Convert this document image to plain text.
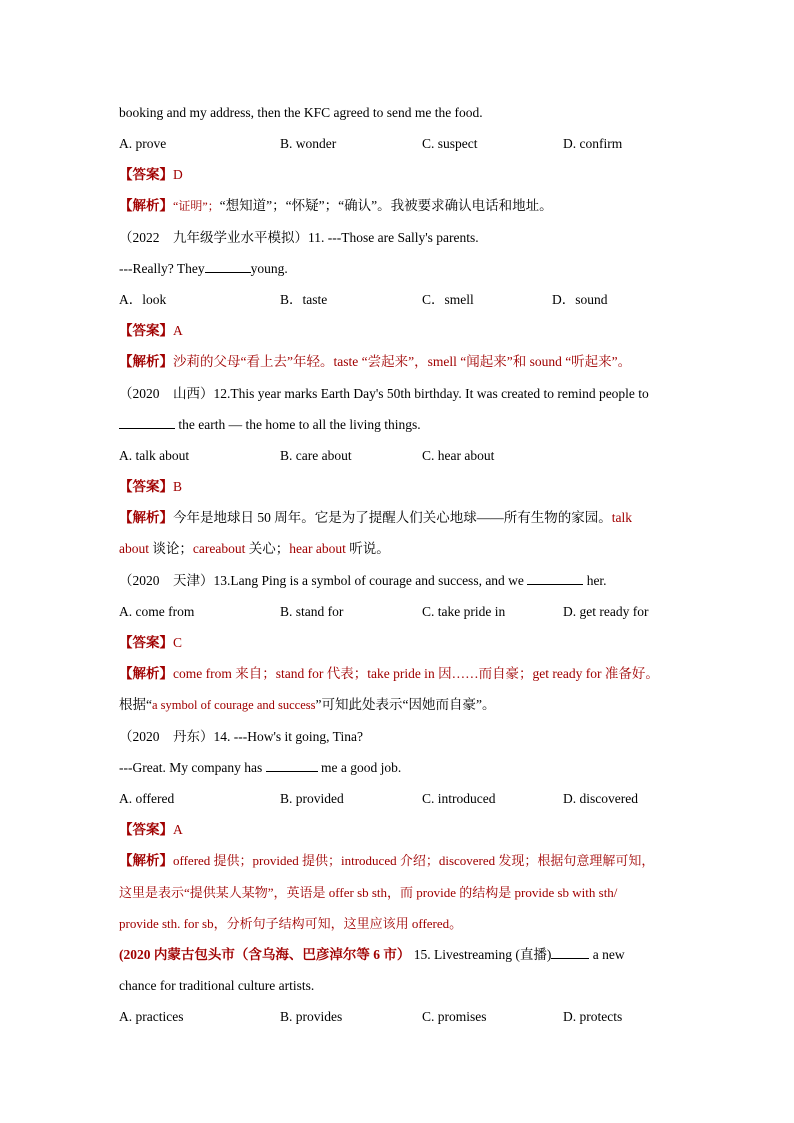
booking and my address, then the KFC agreed to send me the food.
A. prove	B. wonder	C. suspect	D. confirm
【答案】D
【解析】“证明”；“想知道”；“怀疑”；“确认”。我被要求确认电话和地址。
（2022　九年级学业水平模拟）11. ---Those are Sally's parents.
---Really? They	young.
A．look	B．taste	C．smell	D．sound
【答案】A
【解析】沙莉的父母“看上去”年轻。taste “尝起来”，smell “闻起来”和 sound “听起来”。
（2020　山西）12.This year marks Earth Day's 50th birthday. It was created to remind people to
the earth — the home to all the living things.
A. talk about	B. care about	C. hear about
【答案】B
【解析】今年是地球日 50 周年。它是为了提醒人们关心地球——所有生物的家园。talk
about 谈论；careabout 关心；hear about 听说。
（2020　天津）13.Lang Ping is a symbol of courage and success, and we	her.
A. come from	B. stand for	C. take pride in	D. get ready for
【答案】C
【解析】come from 来自；stand for 代表；take pride in 因……而自豪；get ready for 准备好。
根据“a symbol of courage and success”可知此处表示“因她而自豪”。
（2020　丹东）14. ---How's it going, Tina?
---Great. My company has	me a good job.
A. offered	B. provided	C. introduced	D. discovered
【答案】A
【解析】offered 提供；provided 提供；introduced 介绍；discovered 发现；根据句意理解可知，
这里是表示“提供某人某物”，英语是 offer sb sth，而 provide 的结构是 provide sb with sth/
provide sth. for sb，分析句子结构可知，这里应该用 offered。
(2020 内蒙古包头市（含乌海、巴彦淖尔等 6 市） 15. Livestreaming (直播)	a new
chance for traditional culture artists.
A. practices	B. provides	C. promises	D. protects
